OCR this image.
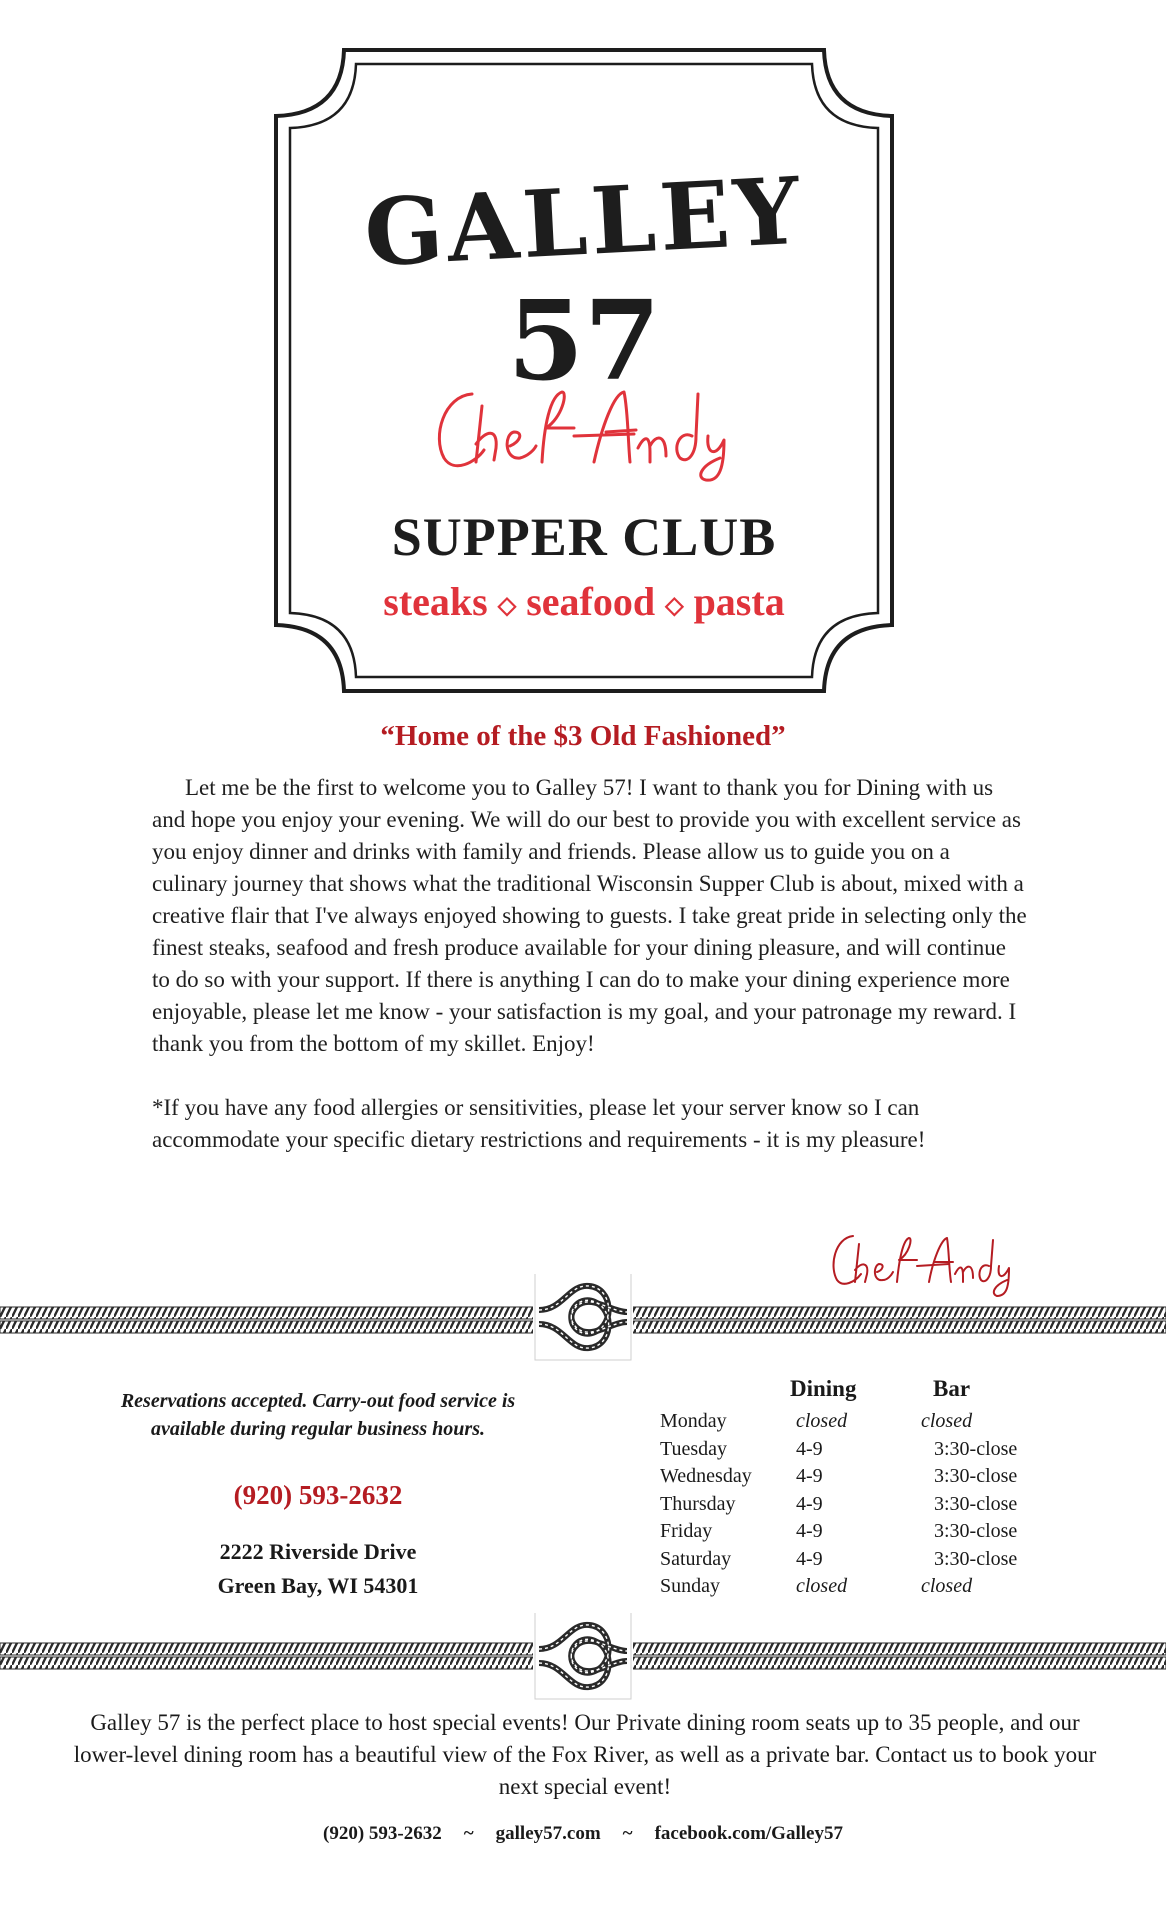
GALLEY
57
SUPPER CLUB
steaks ◇ seafood ◇ pasta
“Home of the $3 Old Fashioned”

Let me be the first to welcome you to Galley 57! I want to thank you for Dining with us and hope you enjoy your evening. We will do our best to provide you with excellent service as you enjoy dinner and drinks with family and friends. Please allow us to guide you on a culinary journey that shows what the traditional Wisconsin Supper Club is about, mixed with a creative flair that I've always enjoyed showing to guests. I take great pride in selecting only the finest steaks, seafood and fresh produce available for your dining pleasure, and will continue to do so with your support. If there is anything I can do to make your dining experience more enjoyable, please let me know - your satisfaction is my goal, and your patronage my reward. I thank you from the bottom of my skillet. Enjoy!

*If you have any food allergies or sensitivities, please let your server know so I can accommodate your specific dietary restrictions and requirements - it is my pleasure!

Reservations accepted. Carry-out food service is available during regular business hours.
(920) 593-2632
2222 Riverside Drive
Green Bay, WI 54301
Dining	Bar
Monday	closed	closed
Tuesday	4-9	3:30-close
Wednesday 4-9	3:30-close
Thursday	4-9	3:30-close
Friday	4-9	3:30-close
Saturday	4-9	3:30-close
Sunday	closed	closed
Galley 57 is the perfect place to host special events! Our Private dining room seats up to 35 people, and our lower-level dining room has a beautiful view of the Fox River, as well as a private bar. Contact us to book your next special event!
(920) 593-2632 ~ galley57.com ~ facebook.com/Galley57
